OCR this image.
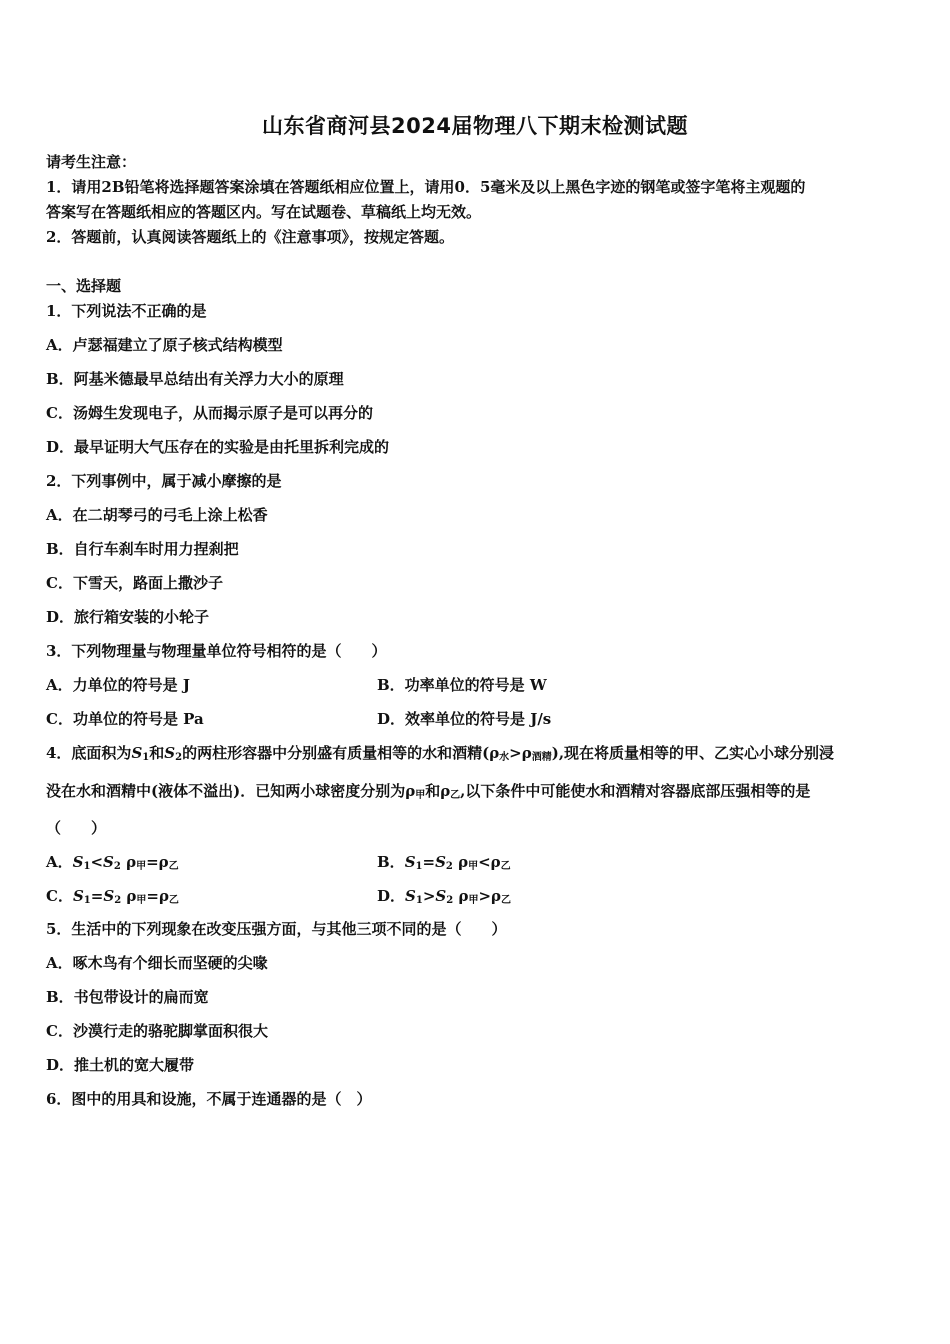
山东省商河县2024届物理八下期末检测试题
请考生注意：
1．请用2B铅笔将选择题答案涂填在答题纸相应位置上，请用0．5毫米及以上黑色字迹的钢笔或签字笔将主观题的
答案写在答题纸相应的答题区内。写在试题卷、草稿纸上均无效。
2．答题前，认真阅读答题纸上的《注意事项》，按规定答题。
一、选择题
1．下列说法不正确的是
A．卢瑟福建立了原子核式结构模型
B．阿基米德最早总结出有关浮力大小的原理
C．汤姆生发现电子，从而揭示原子是可以再分的
D．最早证明大气压存在的实验是由托里拆利完成的
2．下列事例中，属于减小摩擦的是
A．在二胡琴弓的弓毛上涂上松香
B．自行车刹车时用力捏刹把
C．下雪天，路面上撒沙子
D．旅行箱安装的小轮子
3．下列物理量与物理量单位符号相符的是（　　）
A．力单位的符号是 J	B．功率单位的符号是 W
C．功单位的符号是 Pa	D．效率单位的符号是 J/s
4．底面积为$S_1$和$S_2$的两柱形容器中分别盛有质量相等的水和酒精(ρ水>ρ酒精),现在将质量相等的甲、乙实心小球分别浸
没在水和酒精中(液体不溢出)．已知两小球密度分别为ρ甲和ρ乙,以下条件中可能使水和酒精对容器底部压强相等的是
（　　）
A．$S_1<S_2$ ρ甲=ρ乙	B．$S_1=S_2$ ρ甲<ρ乙
C．$S_1=S_2$ ρ甲=ρ乙	D．$S_1>S_2$ ρ甲>ρ乙
5．生活中的下列现象在改变压强方面，与其他三项不同的是（　　）
A．啄木鸟有个细长而坚硬的尖喙
B．书包带设计的扁而宽
C．沙漠行走的骆驼脚掌面积很大
D．推土机的宽大履带
6．图中的用具和设施，不属于连通器的是（　）
